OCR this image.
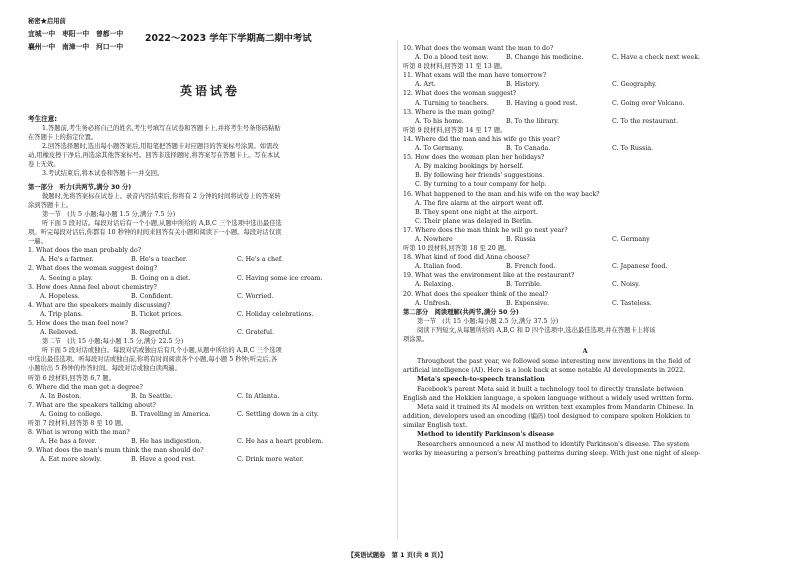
秘密★启用前
宜城一中　枣阳一中　曾都一中
襄州一中　南漳一中　河口一中
2022～2023 学年下学期高二期中考试
英语试卷
考生注意:
1.答题前,考生务必将自己的姓名,考生号填写在试卷和答题卡上,并将考生号条形码粘贴
在答题卡上的指定位置。
2.回答选择题时,选出每小题答案后,用铅笔把答题卡对应题目的答案标号涂黑。如需改
动,用橡皮擦干净后,再选涂其他答案标号。回答非选择题时,将答案写在答题卡上。写在本试
卷上无效。
3.考试结束后,将本试卷和答题卡一并交回。
第一部分　听力(共两节,满分 30 分)
做题时,先将答案标在试卷上。录音内容结束后,你将有 2 分钟的时间将试卷上的答案转
涂到答题卡上。
第一节　(共 5 小题;每小题 1.5 分,满分 7.5 分)
听下面 5 段对话。每段对话后有一个小题,从题中所给的 A,B,C 三个选项中选出最佳选
项。听完每段对话后,你都有 10 秒钟的时间来回答有关小题和阅读下一小题。每段对话仅读
一遍。
1. What does the man probably do?
A. He's a farmer.	B. He's a teacher.	C. He's a chef.
2. What does the woman suggest doing?
A. Seeing a play.	B. Going on a diet.	C. Having some ice cream.
3. How does Anna feel about chemistry?
A. Hopeless.	B. Confident.	C. Worried.
4. What are the speakers mainly discussing?
A. Trip plans.	B. Ticket prices.	C. Holiday celebrations.
5. How does the man feel now?
A. Relieved.	B. Regretful.	C. Grateful.
第二节　(共 15 小题;每小题 1.5 分,满分 22.5 分)
听下面 5 段对话或独白。每段对话或独白后有几个小题,从题中所给的 A,B,C 三个选项
中选出最佳选项。听每段对话或独白前,你将有时间阅读各个小题,每小题 5 秒钟;听完后,各
小题给出 5 秒钟的作答时间。每段对话或独白读两遍。
听第 6 段材料,回答第 6,7 题。
6. Where did the man get a degree?
A. In Boston.	B. In Seattle.	C. In Atlanta.
7. What are the speakers talking about?
A. Going to college.	B. Travelling in America.	C. Settling down in a city.
听第 7 段材料,回答第 8 至 10 题。
8. What is wrong with the man?
A. He has a fever.	B. He has indigestion.	C. He has a heart problem.
9. What does the man's mum think the man should do?
A. Eat more slowly.	B. Have a good rest.	C. Drink more water.
10. What does the woman want the man to do?
A. Do a blood test now.	B. Change his medicine.	C. Have a check next week.
听第 8 段材料,回答第 11 至 13 题。
11. What exam will the man have tomorrow?
A. Art.	B. History.	C. Geography.
12. What does the woman suggest?
A. Turning to teachers.	B. Having a good rest.	C. Going over Volcano.
13. Where is the man going?
A. To his home.	B. To the library.	C. To the restaurant.
听第 9 段材料,回答第 14 至 17 题。
14. Where did the man and his wife go this year?
A. To Germany.	B. To Canada.	C. To Russia.
15. How does the woman plan her holidays?
A. By making bookings by herself.
B. By following her friends' suggestions.
C. By turning to a tour company for help.
16. What happened to the man and his wife on the way back?
A. The fire alarm at the airport went off.
B. They spent one night at the airport.
C. Their plane was delayed in Berlin.
17. Where does the man think he will go next year?
A. Nowhere	B. Russia	C. Germany
听第 10 段材料,回答第 18 至 20 题。
18. What kind of food did Anna choose?
A. Italian food.	B. French food.	C. Japanese food.
19. What was the environment like at the restaurant?
A. Relaxing.	B. Terrible.	C. Noisy.
20. What does the speaker think of the meal?
A. Unfresh.	B. Expensive.	C. Tasteless.
第二部分　阅读理解(共两节,满分 50 分)
第一节　(共 15 小题;每小题 2.5 分,满分 37.5 分)
阅读下列短文,从每题所给的 A,B,C 和 D 四个选项中,选出最佳选项,并在答题卡上将该
项涂黑。
A
Throughout the past year, we followed some interesting new inventions in the field of
artificial intelligence (AI). Here is a look back at some notable AI developments in 2022.
Meta's speech-to-speech translation
Facebook's parent Meta said it built a technology tool to directly translate between
English and the Hokkien language, a spoken language without a widely used written form.
Meta said it trained its AI models on written text examples from Mandarin Chinese. In
addition, developers used an encoding (编码) tool designed to compare spoken Hokkien to
similar English text.
Method to identify Parkinson's disease
Researchers announced a new AI method to identify Parkinson's disease. The system
works by measuring a person's breathing patterns during sleep. With just one night of sleep-
【英语试题卷　第 1 页(共 8 页)】
